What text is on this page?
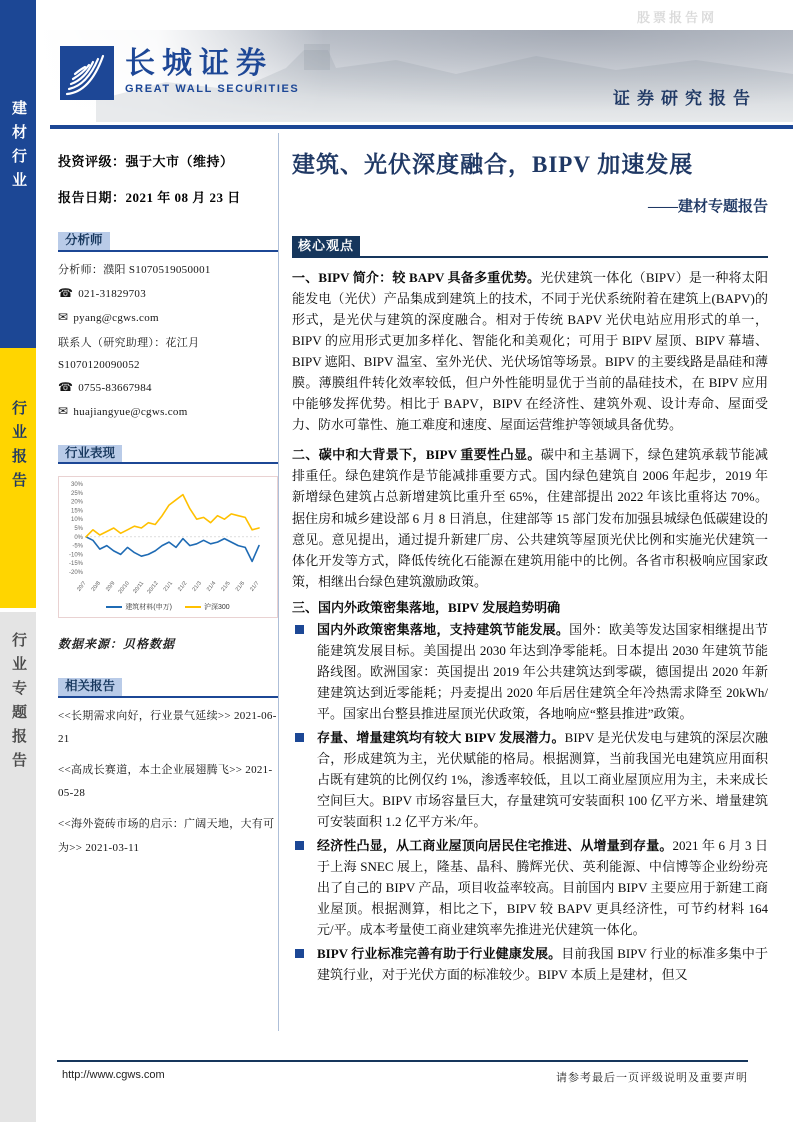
股票报告网
建材行业
行业报告
行业专题报告
长城证券
GREAT WALL SECURITIES	证券研究报告
投资评级：强于大市（维持）
报告日期：2021 年 08 月 23 日
分析师
分析师：濮阳 S1070519050001
☎ 021-31829703
✉ pyang@cgws.com
联系人（研究助理）：花江月
S1070120090052
☎ 0755-83667984
✉ huajiangyue@cgws.com
行业表现
30%
25%
20%
15%
10%
5%
0%
-5%
-10%
-15%
-20%
20/7 20/8 20/9 20/10 20/11 20/12 21/1 21/2 21/3 21/4 21/5 21/6 21/7
建筑材料(申万)	沪深300
数据来源：贝格数据
相关报告
<<长期需求向好，行业景气延续>> 2021-06-21
<<高成长赛道，本土企业展翅腾飞>> 2021-05-28
<<海外瓷砖市场的启示：广阔天地，大有可为>> 2021-03-11
建筑、光伏深度融合，BIPV 加速发展
——建材专题报告
核心观点

一、BIPV 简介：较 BAPV 具备多重优势。光伏建筑一体化（BIPV）是一种将太阳能发电（光伏）产品集成到建筑上的技术，不同于光伏系统附着在建筑上(BAPV)的形式，是光伏与建筑的深度融合。相对于传统 BAPV 光伏电站应用形式的单一，BIPV 的应用形式更加多样化、智能化和美观化；可用于 BIPV 屋顶、BIPV 幕墙、BIPV 遮阳、BIPV 温室、室外光伏、光伏场馆等场景。BIPV 的主要线路是晶硅和薄膜。薄膜组件转化效率较低，但户外性能明显优于当前的晶硅技术，在 BIPV 应用中能够发挥优势。相比于 BAPV，BIPV 在经济性、建筑外观、设计寿命、屋面受力、防水可靠性、施工难度和速度、屋面运营维护等领域具备优势。

二、碳中和大背景下，BIPV 重要性凸显。碳中和主基调下，绿色建筑承载节能减排重任。绿色建筑作是节能减排重要方式。国内绿色建筑自 2006 年起步，2019 年新增绿色建筑占总新增建筑比重升至 65%，住建部提出 2022 年该比重将达 70%。据住房和城乡建设部 6 月 8 日消息，住建部等 15 部门发布加强县城绿色低碳建设的意见。意见提出，通过提升新建厂房、公共建筑等屋顶光伏比例和实施光伏建筑一体化开发等方式，降低传统化石能源在建筑用能中的比例。各省市积极响应国家政策，相继出台绿色建筑激励政策。

三、国内外政策密集落地，BIPV 发展趋势明确
国内外政策密集落地，支持建筑节能发展。国外：欧美等发达国家相继提出节能建筑发展目标。美国提出 2030 年达到净零能耗。日本提出 2030 年建筑节能路线图。欧洲国家：英国提出 2019 年公共建筑达到零碳，德国提出 2020 年新建建筑达到近零能耗；丹麦提出 2020 年后居住建筑全年冷热需求降至 20kWh/平。国家出台整县推进屋顶光伏政策，各地响应“整县推进”政策。
存量、增量建筑均有较大 BIPV 发展潜力。BIPV 是光伏发电与建筑的深层次融合，形成建筑为主，光伏赋能的格局。根据测算，当前我国光电建筑应用面积占既有建筑的比例仅约 1%，渗透率较低，且以工商业屋顶应用为主，未来成长空间巨大。BIPV 市场容量巨大，存量建筑可安装面积 100 亿平方米、增量建筑可安装面积 1.2 亿平方米/年。
经济性凸显，从工商业屋顶向居民住宅推进、从增量到存量。2021 年 6 月 3 日于上海 SNEC 展上，隆基、晶科、腾辉光伏、英利能源、中信博等企业纷纷亮出了自己的 BIPV 产品，项目收益率较高。目前国内 BIPV 主要应用于新建工商业屋顶。根据测算，相比之下，BIPV 较 BAPV 更具经济性，可节约材料 164 元/平。成本考量使工商业建筑率先推进光伏建筑一体化。
BIPV 行业标准完善有助于行业健康发展。目前我国 BIPV 行业的标准多集中于建筑行业，对于光伏方面的标准较少。BIPV 本质上是建材，但又
http://www.cgws.com	请参考最后一页评级说明及重要声明
